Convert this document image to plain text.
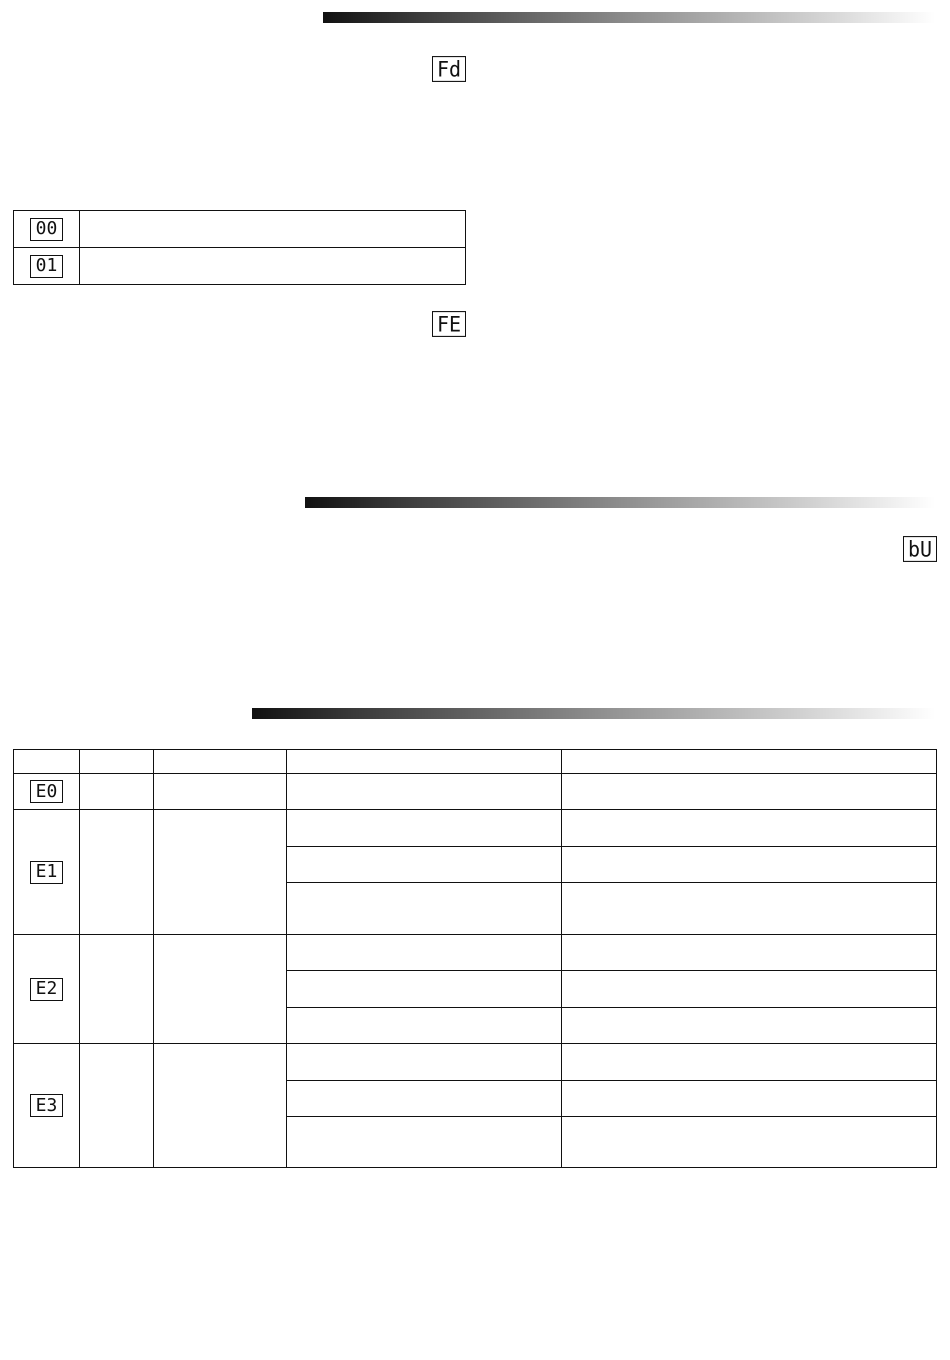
Fd
FE
bU
00	
01	

E0				
E1				

E2				

E3				
